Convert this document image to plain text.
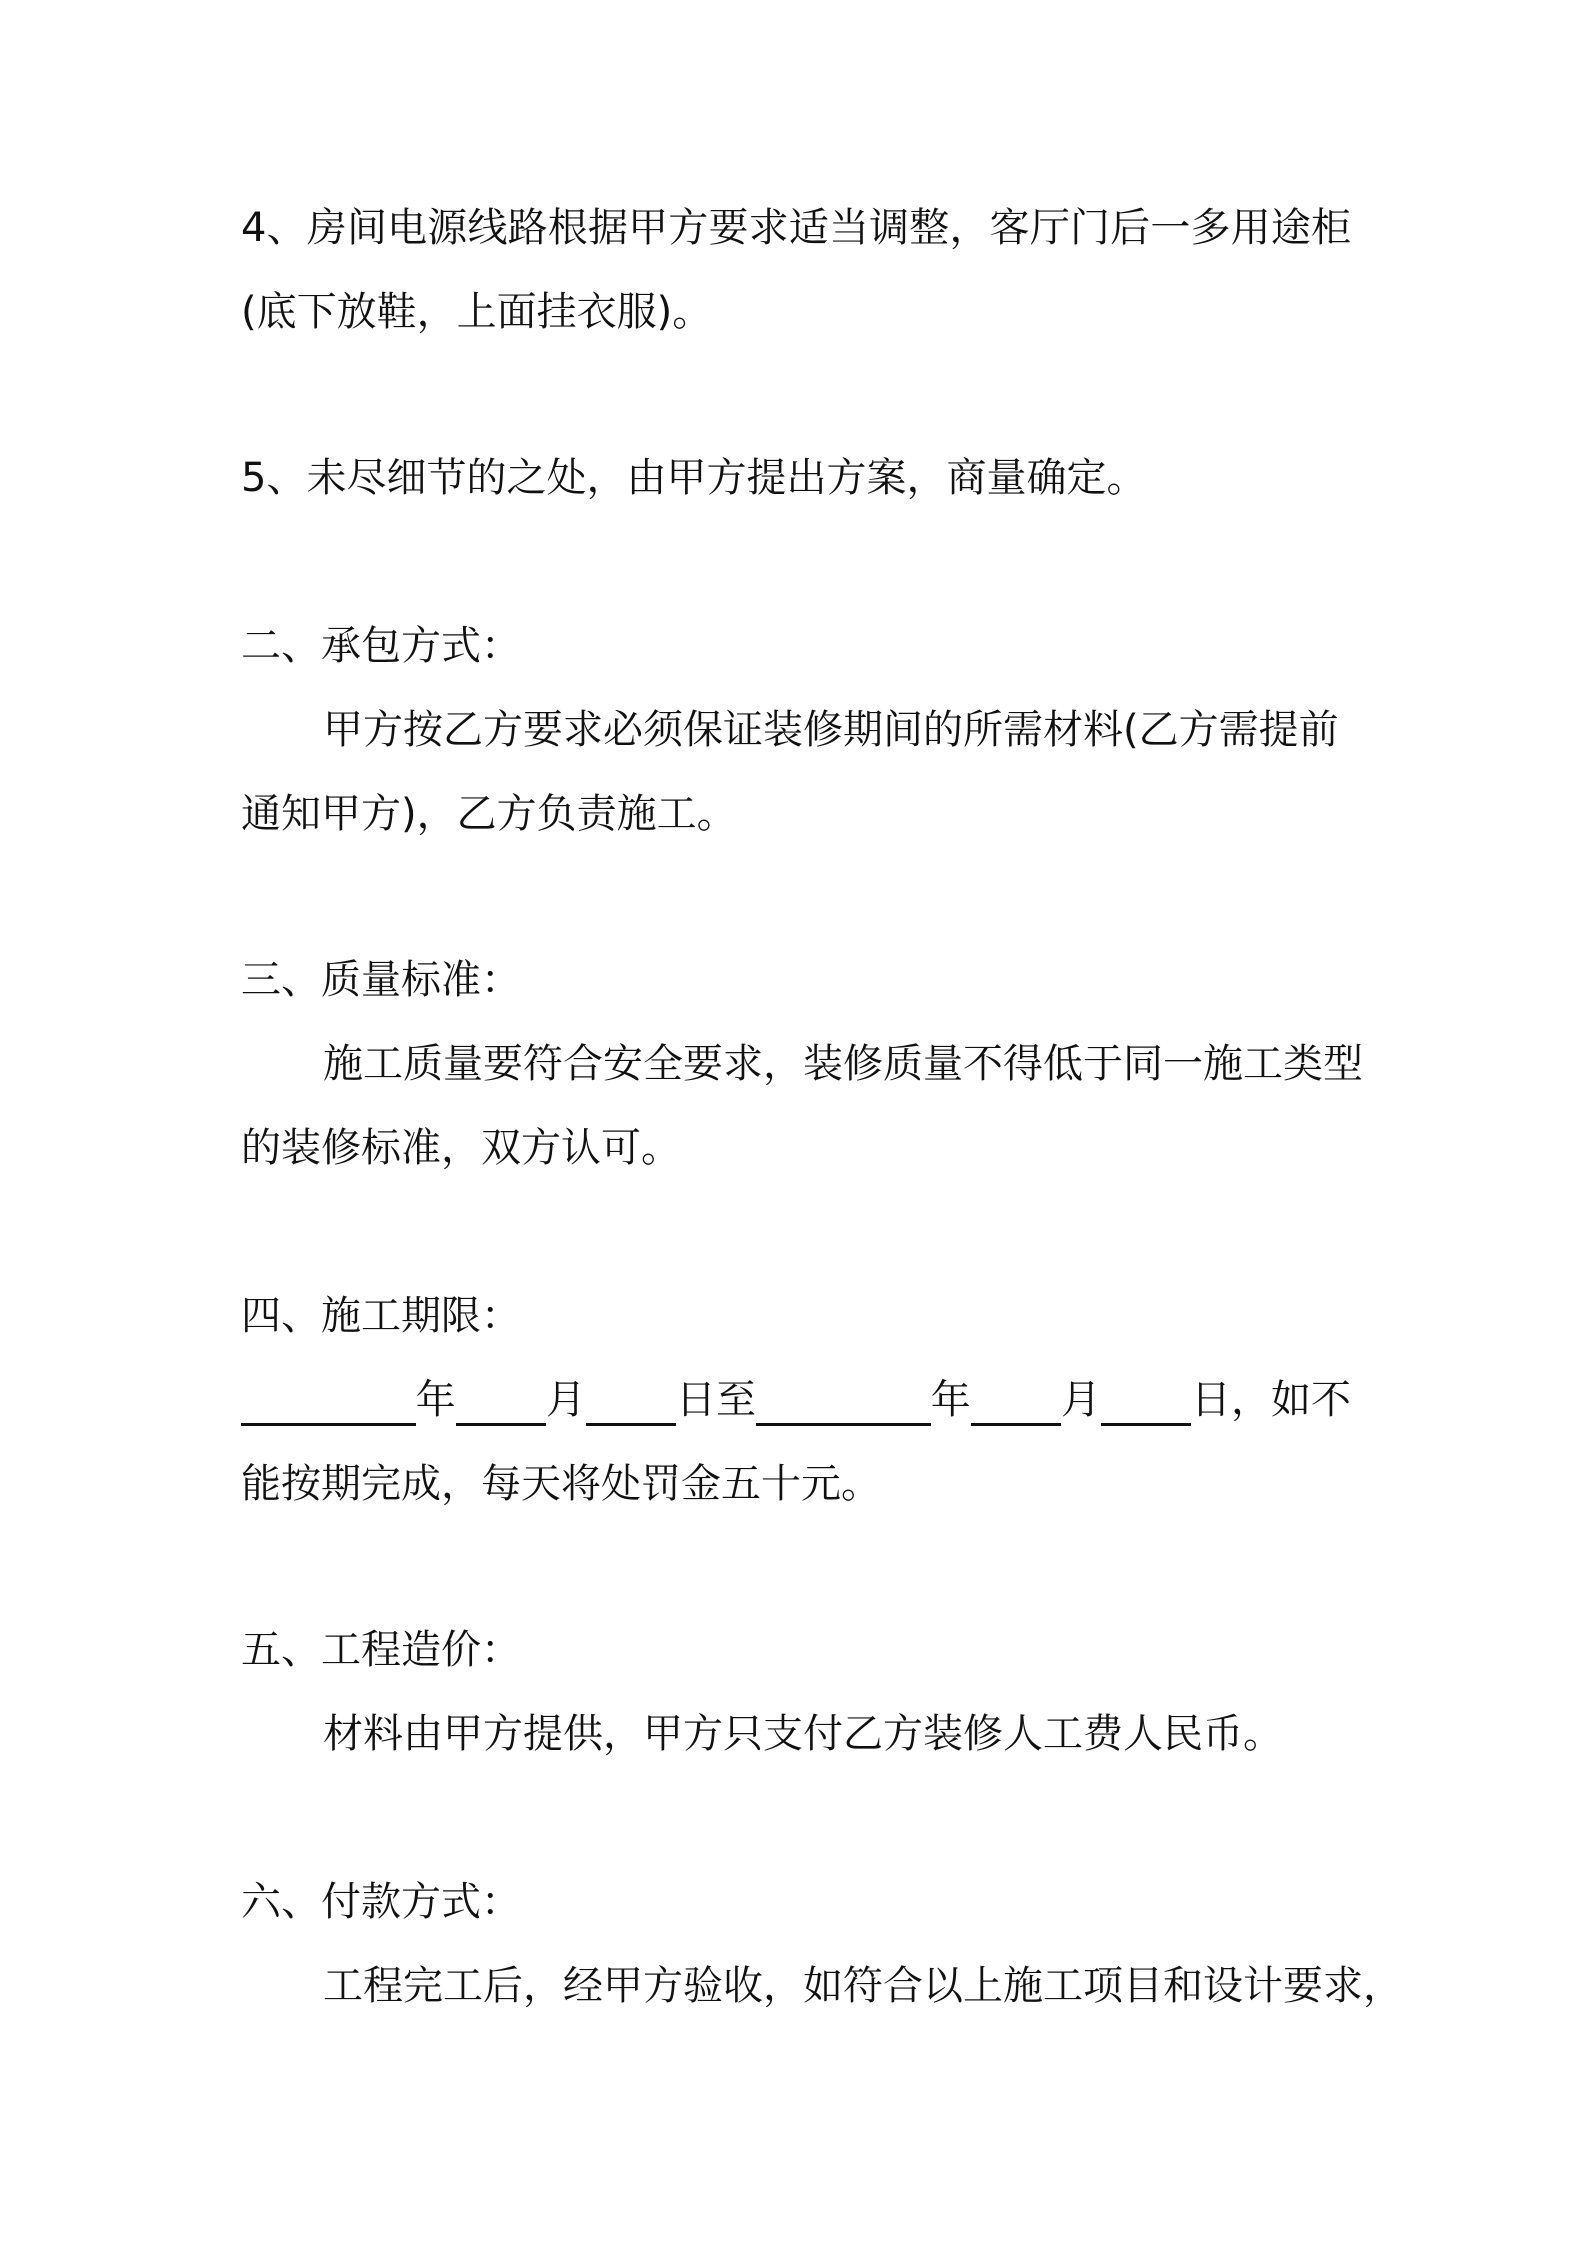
4、房间电源线路根据甲方要求适当调整，客厅门后一多用途柜
(底下放鞋，上面挂衣服)。
5、未尽细节的之处，由甲方提出方案，商量确定。
二、承包方式：
甲方按乙方要求必须保证装修期间的所需材料(乙方需提前
通知甲方)，乙方负责施工。
三、质量标准：
施工质量要符合安全要求，装修质量不得低于同一施工类型
的装修标准，双方认可。
四、施工期限：
年 月 日至	年 月 日，如不
能按期完成，每天将处罚金五十元。
五、工程造价：
材料由甲方提供，甲方只支付乙方装修人工费人民币。
六、付款方式：
工程完工后，经甲方验收，如符合以上施工项目和设计要求，
